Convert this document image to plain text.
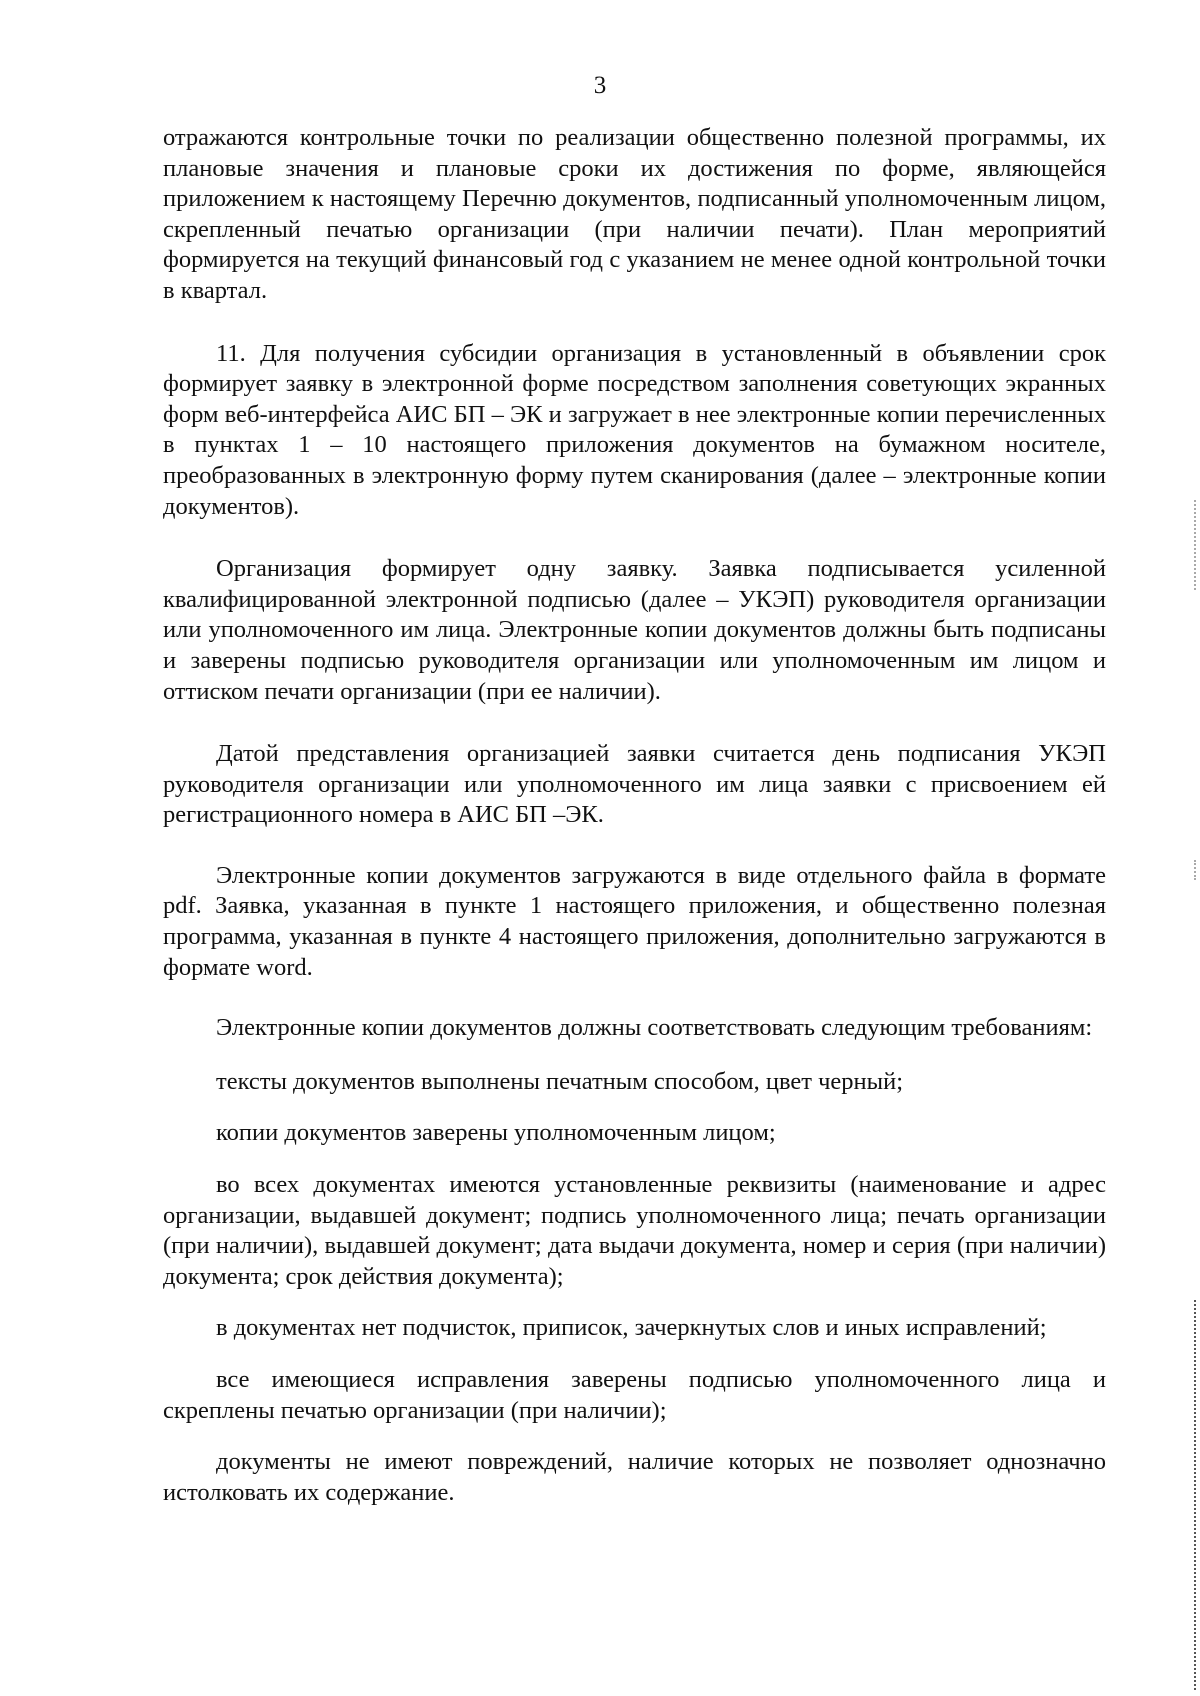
3

отражаются контрольные точки по реализации общественно полезной программы, их плановые значения и плановые сроки их достижения по форме, являющейся приложением к настоящему Перечню документов, подписанный уполномоченным лицом, скрепленный печатью организации (при наличии печати). План мероприятий формируется на текущий финансовый год с указанием не менее одной контрольной точки в квартал.

11. Для получения субсидии организация в установленный в объявлении срок формирует заявку в электронной форме посредством заполнения советующих экранных форм веб-интерфейса АИС БП – ЭК и загружает в нее электронные копии перечисленных в пунктах 1 – 10 настоящего приложения документов на бумажном носителе, преобразованных в электронную форму путем сканирования (далее – электронные копии документов).

Организация формирует одну заявку. Заявка подписывается усиленной квалифицированной электронной подписью (далее – УКЭП) руководителя организации или уполномоченного им лица. Электронные копии документов должны быть подписаны и заверены подписью руководителя организации или уполномоченным им лицом и оттиском печати организации (при ее наличии).

Датой представления организацией заявки считается день подписания УКЭП руководителя организации или уполномоченного им лица заявки с присвоением ей регистрационного номера в АИС БП –ЭК.

Электронные копии документов загружаются в виде отдельного файла в формате pdf. Заявка, указанная в пункте 1 настоящего приложения, и общественно полезная программа, указанная в пункте 4 настоящего приложения, дополнительно загружаются в формате word.

Электронные копии документов должны соответствовать следующим требованиям:

тексты документов выполнены печатным способом, цвет черный;

копии документов заверены уполномоченным лицом;

во всех документах имеются установленные реквизиты (наименование и адрес организации, выдавшей документ; подпись уполномоченного лица; печать организации (при наличии), выдавшей документ; дата выдачи документа, номер и серия (при наличии) документа; срок действия документа);

в документах нет подчисток, приписок, зачеркнутых слов и иных исправлений;

все имеющиеся исправления заверены подписью уполномоченного лица и скреплены печатью организации (при наличии);

документы не имеют повреждений, наличие которых не позволяет однозначно истолковать их содержание.
